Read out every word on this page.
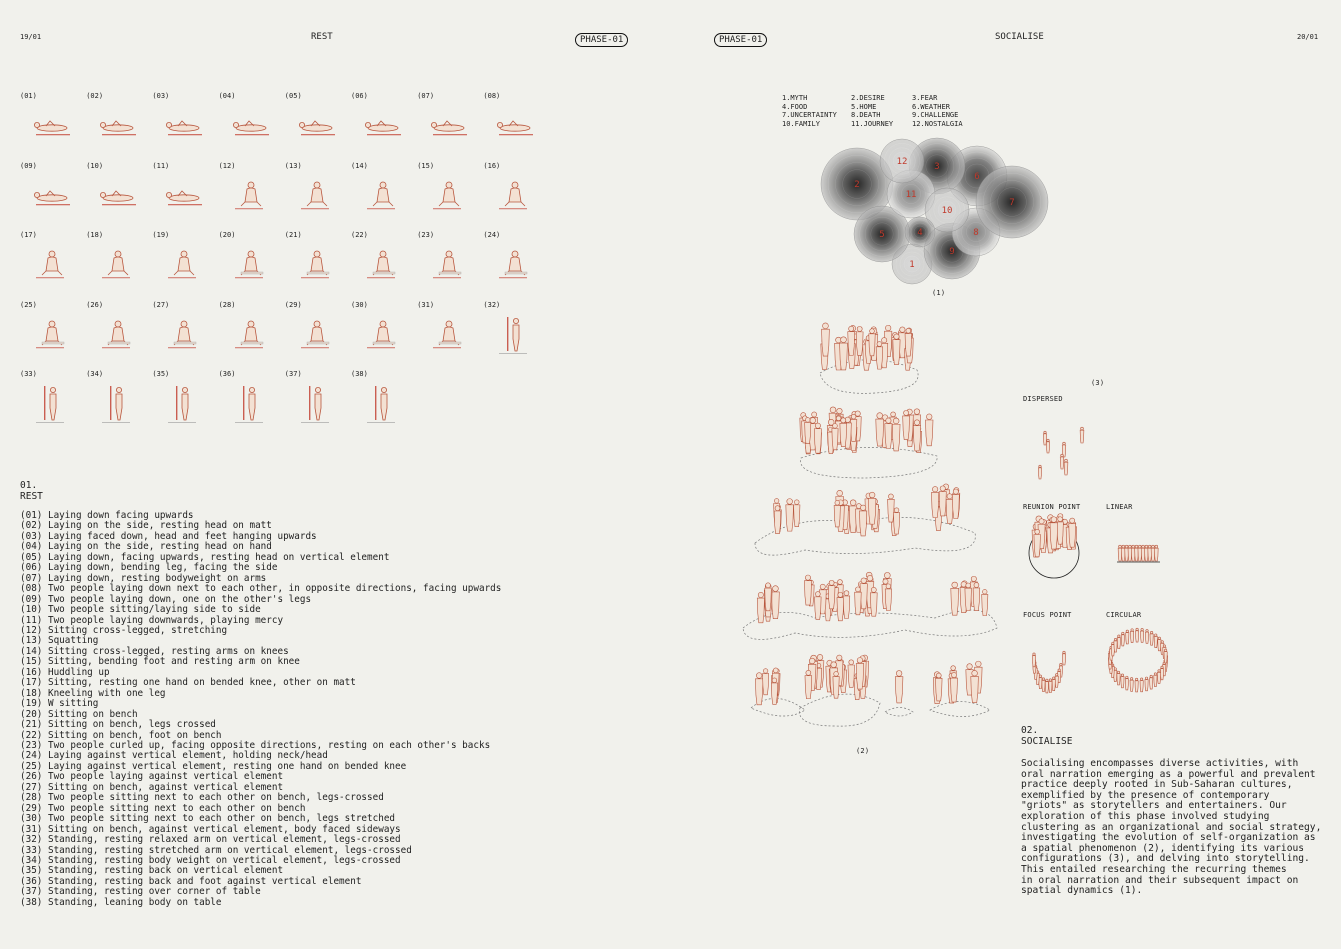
19/01	REST	PHASE-01	PHASE-01	SOCIALISE	20/01
(01)	(02)	(03)	(04)	(05)	(06)	(07)	(08)
(09)	(10)	(11)	(12)	(13)	(14)	(15)	(16)
(17)	(18)	(19)	(20)	(21)	(22)	(23)	(24)
(25)	(26)	(27)	(28)	(29)	(30)	(31)	(32)
(33)	(34)	(35)	(36)	(37)	(38)
01.
REST
(01) Laying down facing upwards
(02) Laying on the side, resting head on matt
(03) Laying faced down, head and feet hanging upwards
(04) Laying on the side, resting head on hand
(05) Laying down, facing upwards, resting head on vertical element
(06) Laying down, bending leg, facing the side
(07) Laying down, resting bodyweight on arms
(08) Two people laying down next to each other, in opposite directions, facing upwards
(09) Two people laying down, one on the other's legs
(10) Two people sitting/laying side to side
(11) Two people laying downwards, playing mercy
(12) Sitting cross-legged, stretching
(13) Squatting
(14) Sitting cross-legged, resting arms on knees
(15) Sitting, bending foot and resting arm on knee
(16) Huddling up
(17) Sitting, resting one hand on bended knee, other on matt
(18) Kneeling with one leg
(19) W sitting
(20) Sitting on bench
(21) Sitting on bench, legs crossed
(22) Sitting on bench, foot on bench
(23) Two people curled up, facing opposite directions, resting on each other's backs
(24) Laying against vertical element, holding neck/head
(25) Laying against vertical element, resting one hand on bended knee
(26) Two people laying against vertical element
(27) Sitting on bench, against vertical element
(28) Two people sitting next to each other on bench, legs-crossed
(29) Two people sitting next to each other on bench
(30) Two people sitting next to each other on bench, legs stretched
(31) Sitting on bench, against vertical element, body faced sideways
(32) Standing, resting relaxed arm on vertical element, legs-crossed
(33) Standing, resting stretched arm on vertical element, legs-crossed
(34) Standing, resting body weight on vertical element, legs-crossed
(35) Standing, resting back on vertical element
(36) Standing, resting back and foot against vertical element
(37) Standing, resting over corner of table
(38) Standing, leaning body on table
1.MYTH	2.DESIRE	3.FEAR
4.FOOD	5.HOME	6.WEATHER
7.UNCERTAINTY	8.DEATH	9.CHALLENGE
10.FAMILY	11.JOURNEY	12.NOSTALGIA
2
1
5
6
3
9
8
11
10
12
4
7
(1)
(2)
(3)
DISPERSED
REUNION POINT	LINEAR
FOCUS POINT	CIRCULAR
02.
SOCIALISE
Socialising encompasses diverse activities, with
oral narration emerging as a powerful and prevalent
practice deeply rooted in Sub-Saharan cultures,
exemplified by the presence of contemporary
"griots" as storytellers and entertainers. Our
exploration of this phase involved studying
clustering as an organizational and social strategy,
investigating the evolution of self-organization as
a spatial phenomenon (2), identifying its various
configurations (3), and delving into storytelling.
This entailed researching the recurring themes
in oral narration and their subsequent impact on
spatial dynamics (1).
